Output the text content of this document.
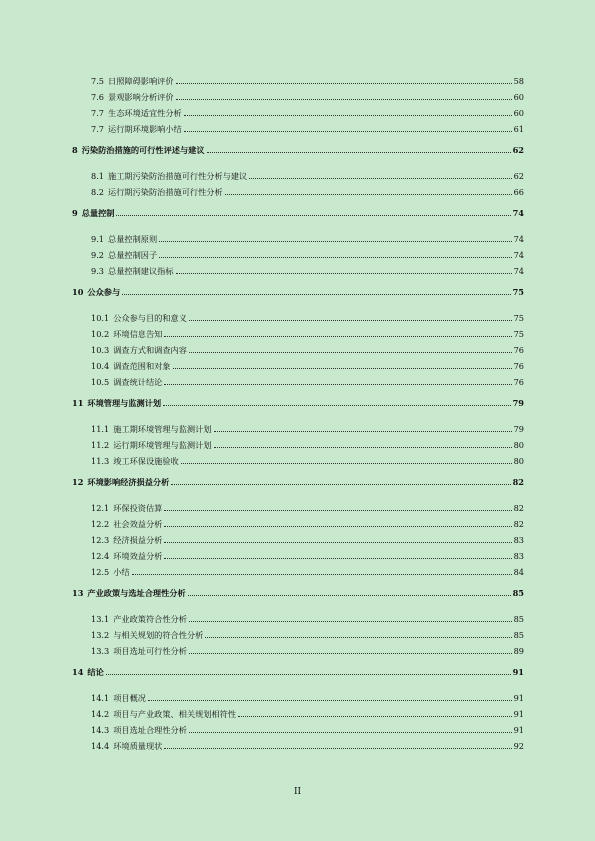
7.5 日照障碍影响评价	58
7.6 景观影响分析评价	60
7.7 生态环境适宜性分析	60
7.7 运行期环境影响小结	61
8 污染防治措施的可行性评述与建议	62
8.1 施工期污染防治措施可行性分析与建议	62
8.2 运行期污染防治措施可行性分析	66
9 总量控制	74
9.1 总量控制原则	74
9.2 总量控制因子	74
9.3 总量控制建议指标	74
10 公众参与	75
10.1 公众参与目的和意义	75
10.2 环境信息告知	75
10.3 调查方式和调查内容	76
10.4 调查范围和对象	76
10.5 调查统计结论	76
11 环境管理与监测计划	79
11.1 施工期环境管理与监测计划	79
11.2 运行期环境管理与监测计划	80
11.3 竣工环保设施验收	80
12 环境影响经济损益分析	82
12.1 环保投资估算	82
12.2 社会效益分析	82
12.3 经济损益分析	83
12.4 环境效益分析	83
12.5 小结	84
13 产业政策与选址合理性分析	85
13.1 产业政策符合性分析	85
13.2 与相关规划的符合性分析	85
13.3 项目选址可行性分析	89
14 结论	91
14.1 项目概况	91
14.2 项目与产业政策、相关规划相符性	91
14.3 项目选址合理性分析	91
14.4 环境质量现状	92
II
